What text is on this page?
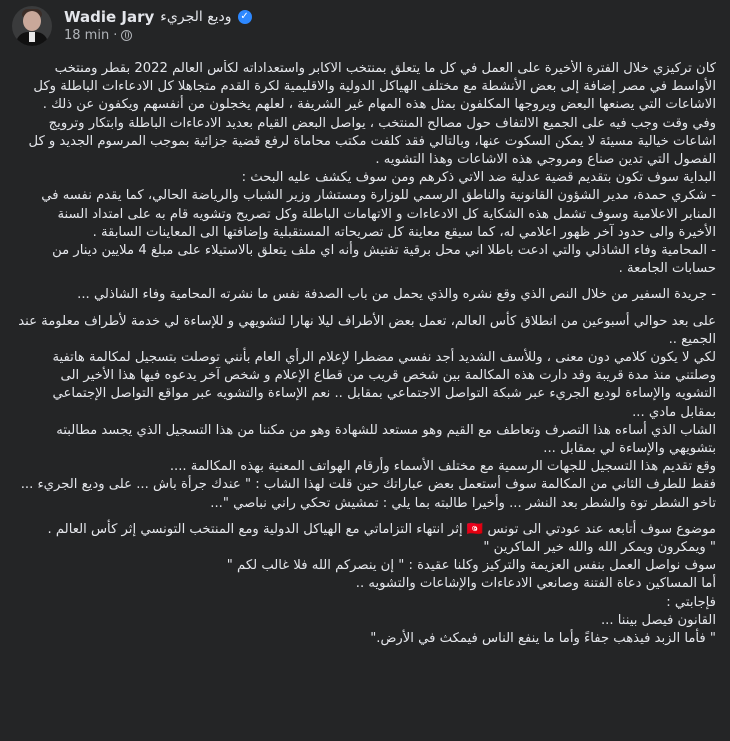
Wadie Jary وديع الجريء ✓
18 min ·

كان تركيزي خلال الفترة الأخيرة على العمل في كل ما يتعلق بمنتخب الاكابر واستعداداته لكأس العالم 2022 بقطر ومنتخب الأواسط في مصر إضافة إلى بعض الأنشطة مع مختلف الهياكل الدولية والاقليمية لكرة القدم متجاهلا كل الادعاءات الباطلة وكل الاشاعات التي يصنعها البعض ويروجها المكلفون بمثل هذه المهام غير الشريفة ، لعلهم يخجلون من أنفسهم ويكفون عن ذلك .

وفي وقت وجب فيه على الجميع الالتفاف حول مصالح المنتخب ، يواصل البعض القيام بعديد الادعاءات الباطلة وابتكار وترويج اشاعات خيالية مسيئة لا يمكن السكوت عنها، وبالتالي فقد كلفت مكتب محاماة لرفع قضية جزائية بموجب المرسوم الجديد و كل الفصول التي تدين صناع ومروجي هذه الاشاعات وهذا التشويه .

البداية سوف تكون بتقديم قضية عدلية ضد الاتي ذكرهم ومن سوف يكشف عليه البحث :

- شكري حمدة، مدير الشؤون القانونية والناطق الرسمي للوزارة ومستشار وزير الشباب والرياضة الحالي، كما يقدم نفسه في المنابر الاعلامية وسوف تشمل هذه الشكاية كل الادعاءات و الاتهامات الباطلة وكل تصريح وتشويه قام به على امتداد السنة الأخيرة والى حدود آخر ظهور اعلامي له، كما سيقع معاينة كل تصريحاته المستقبلية وإضافتها الى المعاينات السابقة .

- المحامية وفاء الشاذلي والتي ادعت باطلا اني محل برقية تفتيش وأنه اي ملف يتعلق بالاستيلاء على مبلغ 4 ملايين دينار من حسابات الجامعة .

- جريدة السفير من خلال النص الذي وقع نشره والذي يحمل من باب الصدفة نفس ما نشرته المحامية وفاء الشاذلي ...

على بعد حوالي أسبوعين من انطلاق كأس العالم، تعمل بعض الأطراف ليلا نهارا لتشويهي و للإساءة لي خدمة لأطراف معلومة عند الجميع ..

لكي لا يكون كلامي دون معنى ، وللأسف الشديد أجد نفسي مضطرا لإعلام الرأي العام بأنني توصلت بتسجيل لمكالمة هاتفية وصلتني منذ مدة قريبة وقد دارت هذه المكالمة بين شخص قريب من قطاع الإعلام و شخص آخر يدعوه فيها هذا الأخير الى التشويه والإساءة لوديع الجريء عبر شبكة التواصل الاجتماعي بمقابل .. نعم الإساءة والتشويه عبر مواقع التواصل الإجتماعي بمقابل مادي ...

الشاب الذي أساءه هذا التصرف وتعاطف مع القيم وهو مستعد للشهادة وهو من مكننا من هذا التسجيل الذي يجسد مطالبته بتشويهي والإساءة لي بمقابل ...

وقع تقديم هذا التسجيل للجهات الرسمية مع مختلف الأسماء وأرقام الهواتف المعنية بهذه المكالمة ....

فقط للطرف الثاني من المكالمة سوف أستعمل بعض عباراتك حين قلت لهذا الشاب : " عندك جرأة باش ... على وديع الجريء ... تاخو الشطر توة والشطر بعد النشر ... وأخيرا طالبته بما يلي : تمشيش تحكي راني نباصي "...

موضوع سوف أتابعه عند عودتي الى تونس 🇹🇳 إثر انتهاء التزاماتي مع الهياكل الدولية ومع المنتخب التونسي إثر كأس العالم .

" ويمكرون ويمكر الله والله خير الماكرين "

سوف نواصل العمل بنفس العزيمة والتركيز وكلنا عقيدة : " إن ينصركم الله فلا غالب لكم "

أما المساكين دعاة الفتنة وصانعي الادعاءات والإشاعات والتشويه ..

فإجابتي :

القانون فيصل بيننا ...

" فأما الزبد فيذهب جفاءً وأما ما ينفع الناس فيمكث في الأرض."
